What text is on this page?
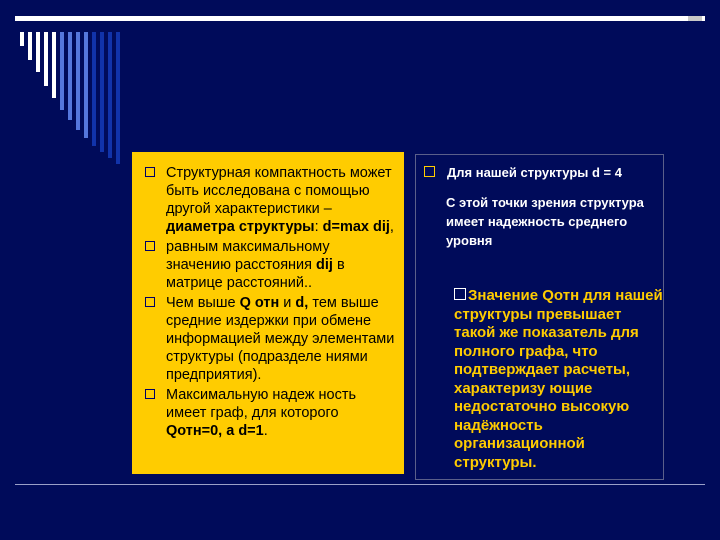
Структурная компактность может быть исследована с помощью другой характеристики – диаметра структуры: d=max dij,
равным максимальному значению расстояния dij в матрице расстояний..
Чем выше Q отн и d, тем выше средние издержки при обмене информацией между элементами структуры (подразделе ниями предприятия).
Максимальную надеж ность имеет граф, для которого Qотн=0, а d=1.
Для нашей структуры d = 4
С этой точки зрения структура имеет надежность среднего уровня
Значение Qотн для нашей структуры превышает такой же показатель для полного графа, что подтверждает расчеты, характеризу ющие недостаточно высокую надёжность организационной структуры.
